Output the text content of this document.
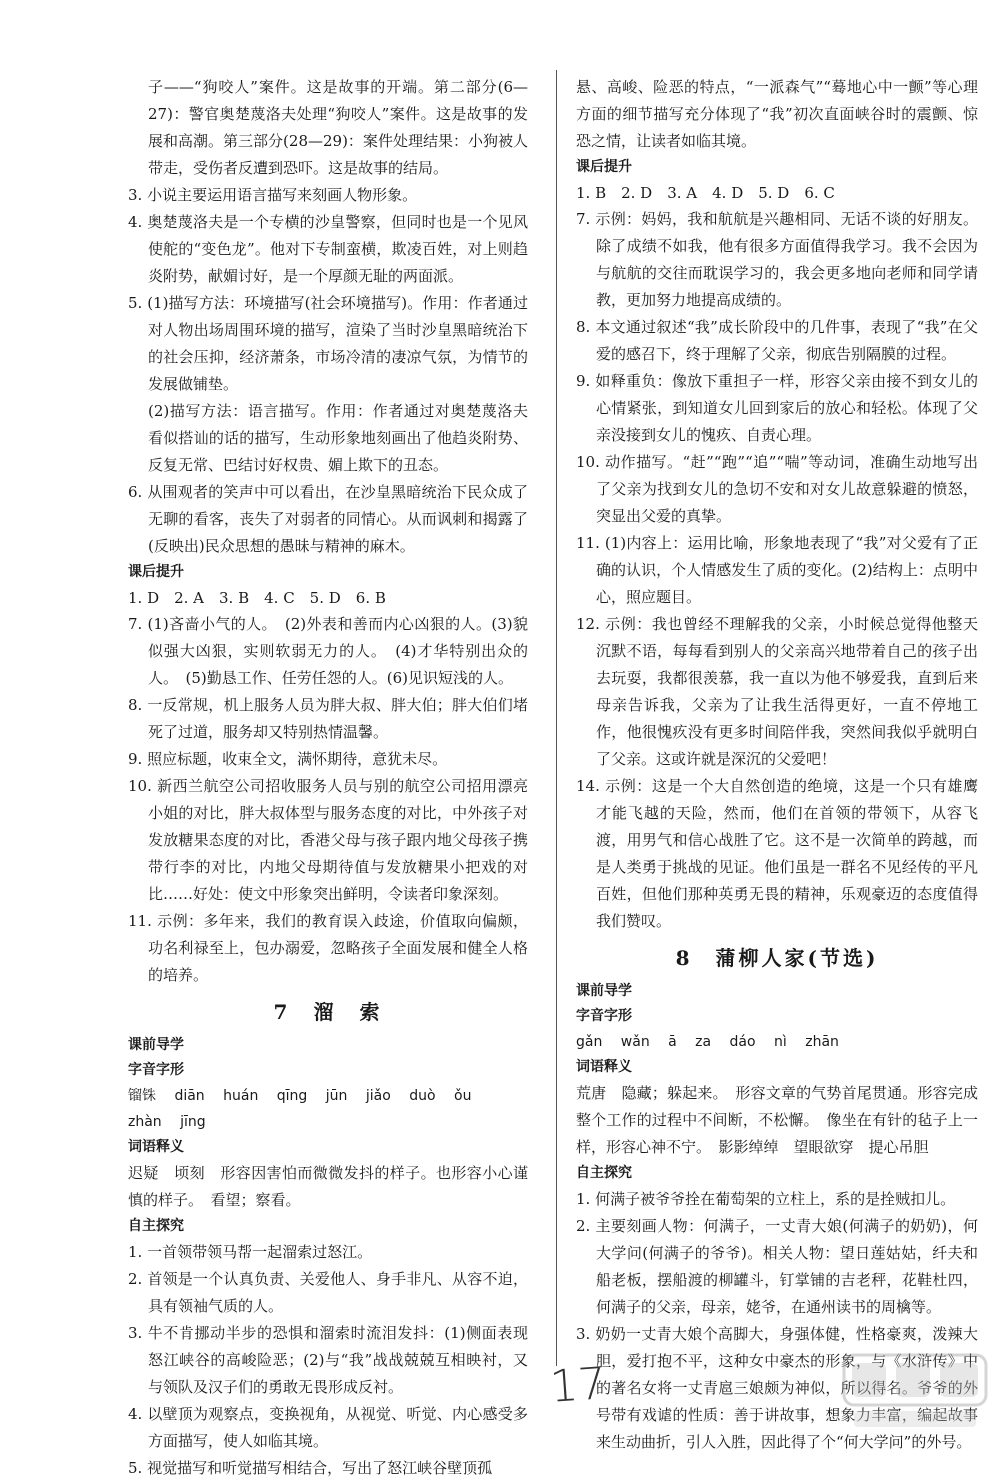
子——“狗咬人”案件。这是故事的开端。第二部分(6—27)：警官奥楚蔑洛夫处理“狗咬人”案件。这是故事的发展和高潮。第三部分(28—29)：案件处理结果：小狗被人带走，受伤者反遭到恐吓。这是故事的结局。

3. 小说主要运用语言描写来刻画人物形象。

4. 奥楚蔑洛夫是一个专横的沙皇警察，但同时也是一个见风使舵的“变色龙”。他对下专制蛮横，欺凌百姓，对上则趋炎附势，献媚讨好，是一个厚颜无耻的两面派。

5. (1)描写方法：环境描写(社会环境描写)。作用：作者通过对人物出场周围环境的描写，渲染了当时沙皇黑暗统治下的社会压抑，经济萧条，市场冷清的凄凉气氛，为情节的发展做铺垫。

(2)描写方法：语言描写。作用：作者通过对奥楚蔑洛夫看似搭讪的话的描写，生动形象地刻画出了他趋炎附势、反复无常、巴结讨好权贵、媚上欺下的丑态。

6. 从围观者的笑声中可以看出，在沙皇黑暗统治下民众成了无聊的看客，丧失了对弱者的同情心。从而讽刺和揭露了(反映出)民众思想的愚昧与精神的麻木。

课后提升

1. D　2. A　3. B　4. C　5. D　6. B

7. (1)吝啬小气的人。　(2)外表和善而内心凶狠的人。(3)貌似强大凶狠，实则软弱无力的人。　(4)才华特别出众的人。　(5)勤恳工作、任劳任怨的人。(6)见识短浅的人。

8. 一反常规，机上服务人员为胖大叔、胖大伯；胖大伯们堵死了过道，服务却又特别热情温馨。

9. 照应标题，收束全文，满怀期待，意犹未尽。

10. 新西兰航空公司招收服务人员与别的航空公司招用漂亮小姐的对比，胖大叔体型与服务态度的对比，中外孩子对发放糖果态度的对比，香港父母与孩子跟内地父母孩子携带行李的对比，内地父母期待值与发放糖果小把戏的对比……好处：使文中形象突出鲜明，令读者印象深刻。

11. 示例：多年来，我们的教育误入歧途，价值取向偏颇，功名利禄至上，包办溺爱，忽略孩子全面发展和健全人格的培养。

7　溜　索

课前导学

字音字形

镏铢 diān huán qīng jūn jiǎo duò ǒu

zhàn jīng

词语释义

迟疑　顷刻　形容因害怕而微微发抖的样子。也形容小心谨慎的样子。　看望；察看。

自主探究

1. 一首领带领马帮一起溜索过怒江。

2. 首领是一个认真负责、关爱他人、身手非凡、从容不迫，具有领袖气质的人。

3. 牛不肯挪动半步的恐惧和溜索时流泪发抖：(1)侧面表现怒江峡谷的高峻险恶；(2)与“我”战战兢兢互相映衬，又与领队及汉子们的勇敢无畏形成反衬。

4. 以壁顶为观察点，变换视角，从视觉、听觉、内心感受多方面描写，使人如临其境。

5. 视觉描写和听觉描写相结合，写出了怒江峡谷壁顶孤

悬、高峻、险恶的特点，“一派森气”“蓦地心中一颤”等心理方面的细节描写充分体现了“我”初次直面峡谷时的震颤、惊恐之情，让读者如临其境。

课后提升

1. B　2. D　3. A　4. D　5. D　6. C

7. 示例：妈妈，我和航航是兴趣相同、无话不谈的好朋友。除了成绩不如我，他有很多方面值得我学习。我不会因为与航航的交往而耽误学习的，我会更多地向老师和同学请教，更加努力地提高成绩的。

8. 本文通过叙述“我”成长阶段中的几件事，表现了“我”在父爱的感召下，终于理解了父亲，彻底告别隔膜的过程。

9. 如释重负：像放下重担子一样，形容父亲由接不到女儿的心情紧张，到知道女儿回到家后的放心和轻松。体现了父亲没接到女儿的愧疚、自责心理。

10. 动作描写。“赶”“跑”“追”“喘”等动词，准确生动地写出了父亲为找到女儿的急切不安和对女儿故意躲避的愤怒，突显出父爱的真挚。

11. (1)内容上：运用比喻，形象地表现了“我”对父爱有了正确的认识，个人情感发生了质的变化。(2)结构上：点明中心，照应题目。

12. 示例：我也曾经不理解我的父亲，小时候总觉得他整天沉默不语，每每看到别人的父亲高兴地带着自己的孩子出去玩耍，我都很羡慕，我一直以为他不够爱我，直到后来母亲告诉我，父亲为了让我生活得更好，一直不停地工作，他很愧疚没有更多时间陪伴我，突然间我似乎就明白了父亲。这或许就是深沉的父爱吧！

14. 示例：这是一个大自然创造的绝境，这是一个只有雄鹰才能飞越的天险，然而，他们在首领的带领下，从容飞渡，用男气和信心战胜了它。这不是一次简单的跨越，而是人类勇于挑战的见证。他们虽是一群名不见经传的平凡百姓，但他们那种英勇无畏的精神，乐观豪迈的态度值得我们赞叹。

8　蒲柳人家(节选)

课前导学

字音字形

gǎn wǎn ā za dáo nì zhān

词语释义

荒唐　隐藏；躲起来。　形容文章的气势首尾贯通。形容完成整个工作的过程中不间断，不松懈。　像坐在有针的毡子上一样，形容心神不宁。　影影绰绰　望眼欲穿　提心吊胆

自主探究

1. 何满子被爷爷拴在葡萄架的立柱上，系的是拴贼扣儿。

2. 主要刻画人物：何满子，一丈青大娘(何满子的奶奶)，何大学问(何满子的爷爷)。相关人物：望日莲姑姑，纤夫和船老板，摆船渡的柳罐斗，钉掌铺的吉老秤，花鞋杜四，何满子的父亲，母亲，姥爷，在通州读书的周檎等。

3. 奶奶一丈青大娘个高脚大，身强体健，性格豪爽，泼辣大胆，爱打抱不平，这种女中豪杰的形象，与《水浒传》中的著名女将一丈青扈三娘颇为神似，所以得名。爷爷的外号带有戏谑的性质：善于讲故事，想象力丰富，编起故事来生动曲折，引人入胜，因此得了个“何大学问”的外号。

17
